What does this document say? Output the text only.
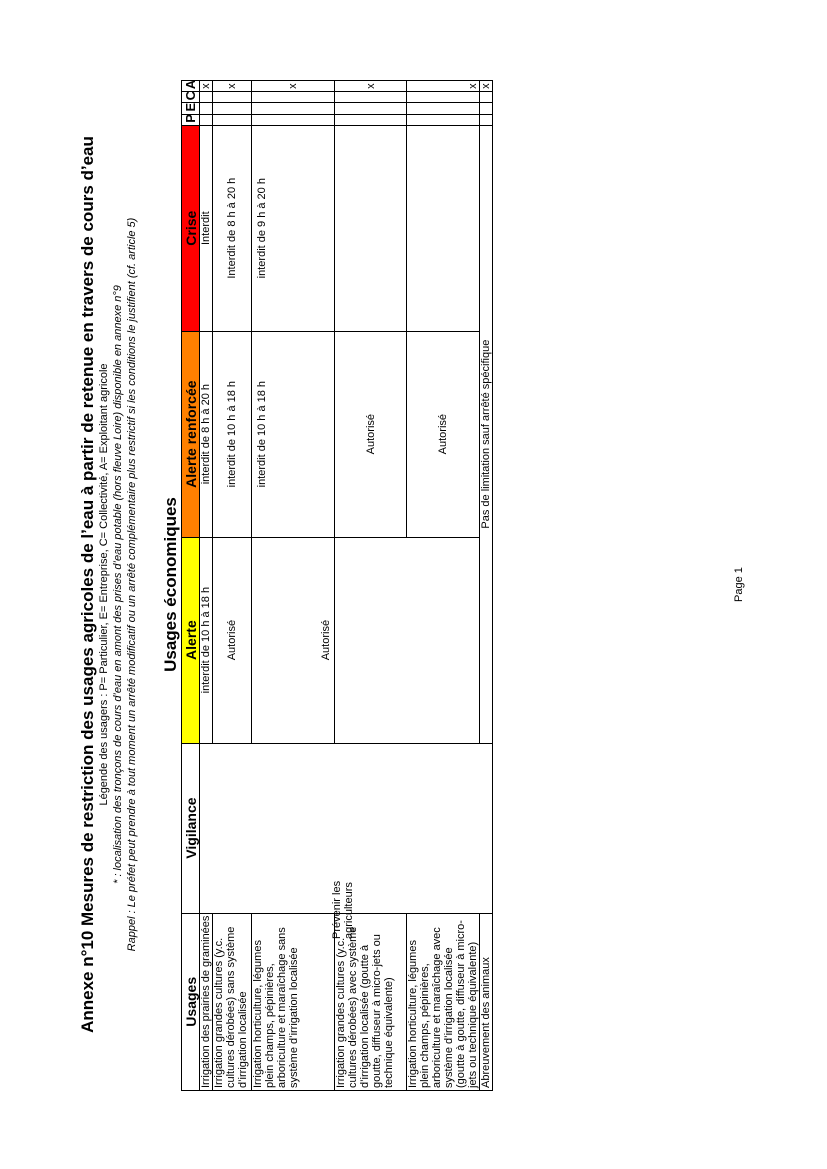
Annexe n°10 Mesures de restriction des usages agricoles de l’eau à partir de retenue en travers de cours d’eau Légende des usagers : P= Particulier, E= Entreprise, C= Collectivité, A= Exploitant agricole * : localisation des tronçons de cours d’eau en amont des prises d’eau potable (hors fleuve Loire) disponible en annexe n°9 Rappel : Le préfet peut prendre à tout moment un arrêté modificatif ou un arrêté complémentaire plus restrictif si les conditions le justifient (cf. article 5) Usages économiques
Usages	Vigilance	Alerte	Alerte renforcée	Crise	P	E	C	A
Irrigation des prairies de graminées		interdit de 10 h à 18 h	interdit de 8 h à 20 h	Interdit				x
Irrigation grandes cultures (y.c. cultures dérobées) sans système d’irrigation localisée		Autorisé	interdit de 10 h à 18 h	Interdit de 8 h à 20 h				x
Irrigation horticulture, légumes plein champs, pépinières, arboriculture et maraîchage sans système d’irrigation localisée		Autorisé	interdit de 10 h à 18 h	interdit de 9 h à 20 h				x
Irrigation grandes cultures (y.c. cultures dérobées) avec système d’irrigation localisée (goutte à goutte, diffuseur à micro-jets ou technique équivalente)			Autorisé					x
Irrigation horticulture, légumes plein champs, pépinières, arboriculture et maraîchage avec système d’irrigation localisée (goutte à goutte, diffuseur à micro-jets ou technique équivalente)			Autorisé					x
Abreuvement des animaux		Pas de limitation sauf arrêté spécifique						x
Prévenir les agriculteurs
Page 1
